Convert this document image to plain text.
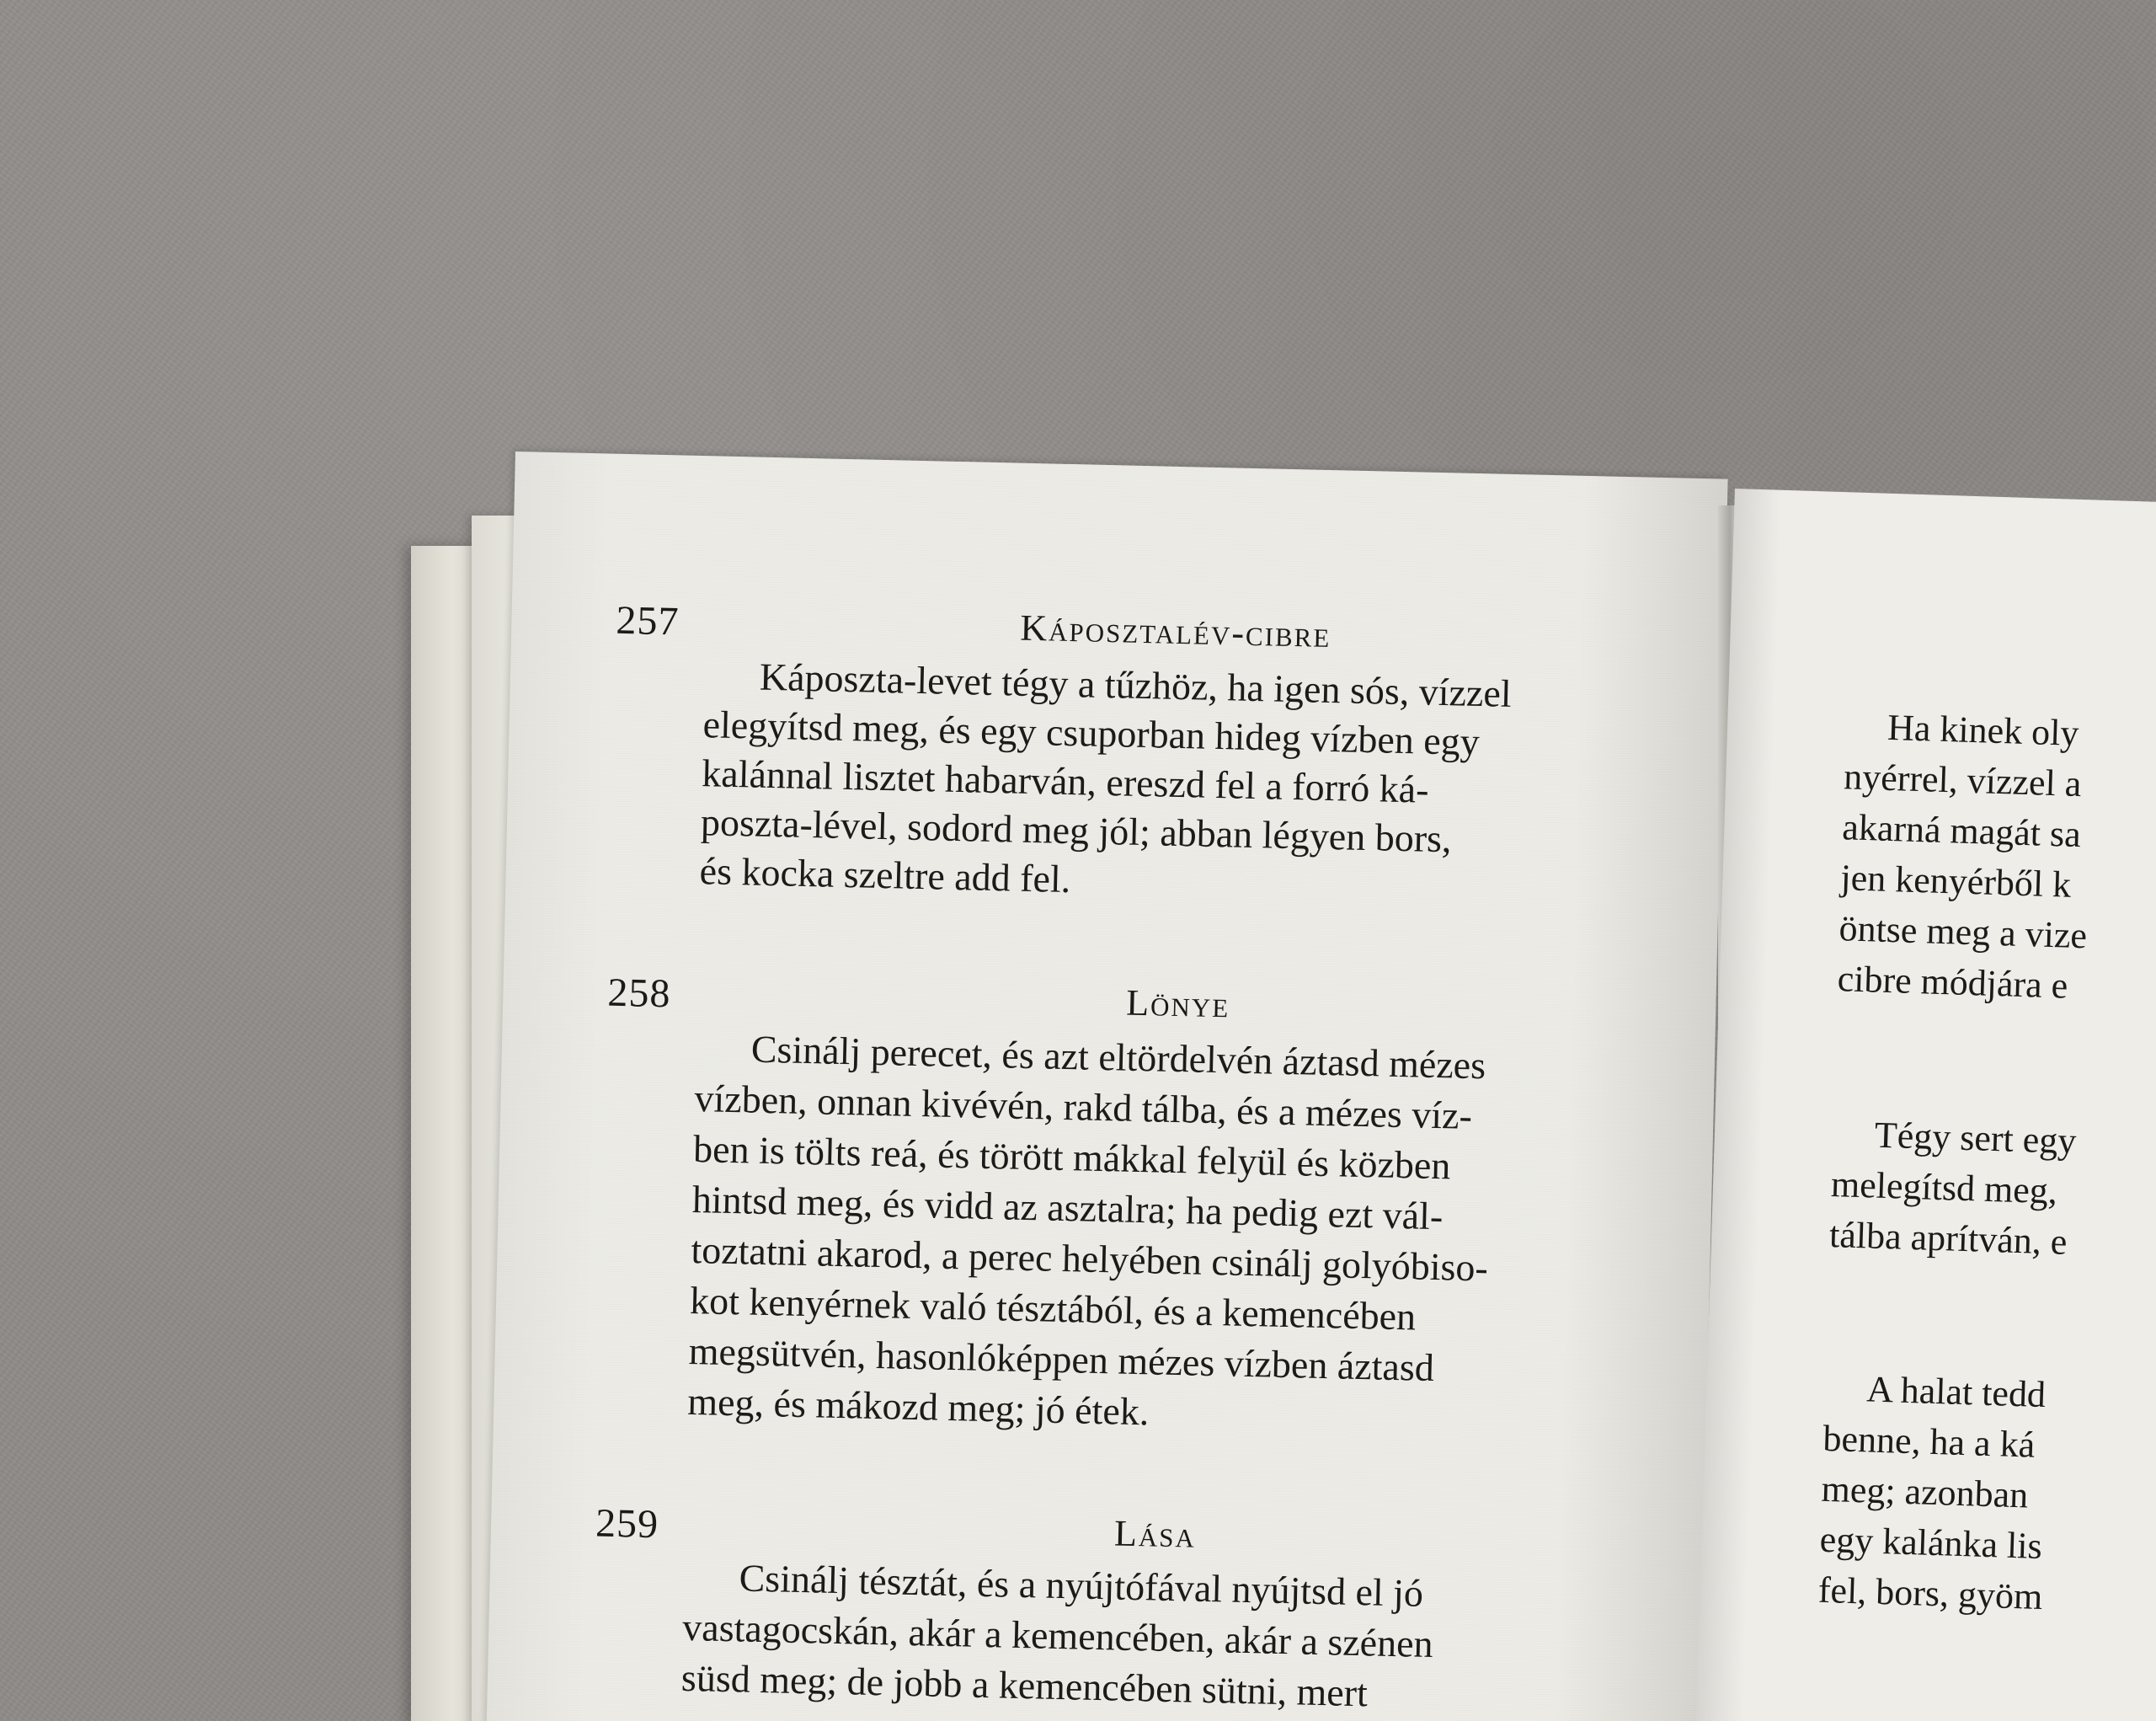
257	Káposztalév-cibre
Káposzta-levet tégy a tűzhöz, ha igen sós, vízzel
elegyítsd meg, és egy csuporban hideg vízben egy
kalánnal lisztet habarván, ereszd fel a forró ká-
poszta-lével, sodord meg jól; abban légyen bors,
és kocka szeltre add fel.
258	Lönye
Csinálj perecet, és azt eltördelvén áztasd mézes
vízben, onnan kivévén, rakd tálba, és a mézes víz-
ben is tölts reá, és törött mákkal felyül és közben
hintsd meg, és vidd az asztalra; ha pedig ezt vál-
toztatni akarod, a perec helyében csinálj golyóbiso-
kot kenyérnek való tésztából, és a kemencében
megsütvén, hasonlóképpen mézes vízben áztasd
meg, és mákozd meg; jó étek.
259	Lása
Csinálj tésztát, és a nyújtófával nyújtsd el jó
vastagocskán, akár a kemencében, akár a szénen
süsd meg; de jobb a kemencében sütni, mert
Ha kinek oly
nyérrel, vízzel a
akarná magát sa
jen kenyérből k
öntse meg a vize
cibre módjára e
Tégy sert egy
melegítsd meg,
tálba aprítván, e
A halat tedd
benne, ha a ká
meg; azonban
egy kalánka lis
fel, bors, gyöm
